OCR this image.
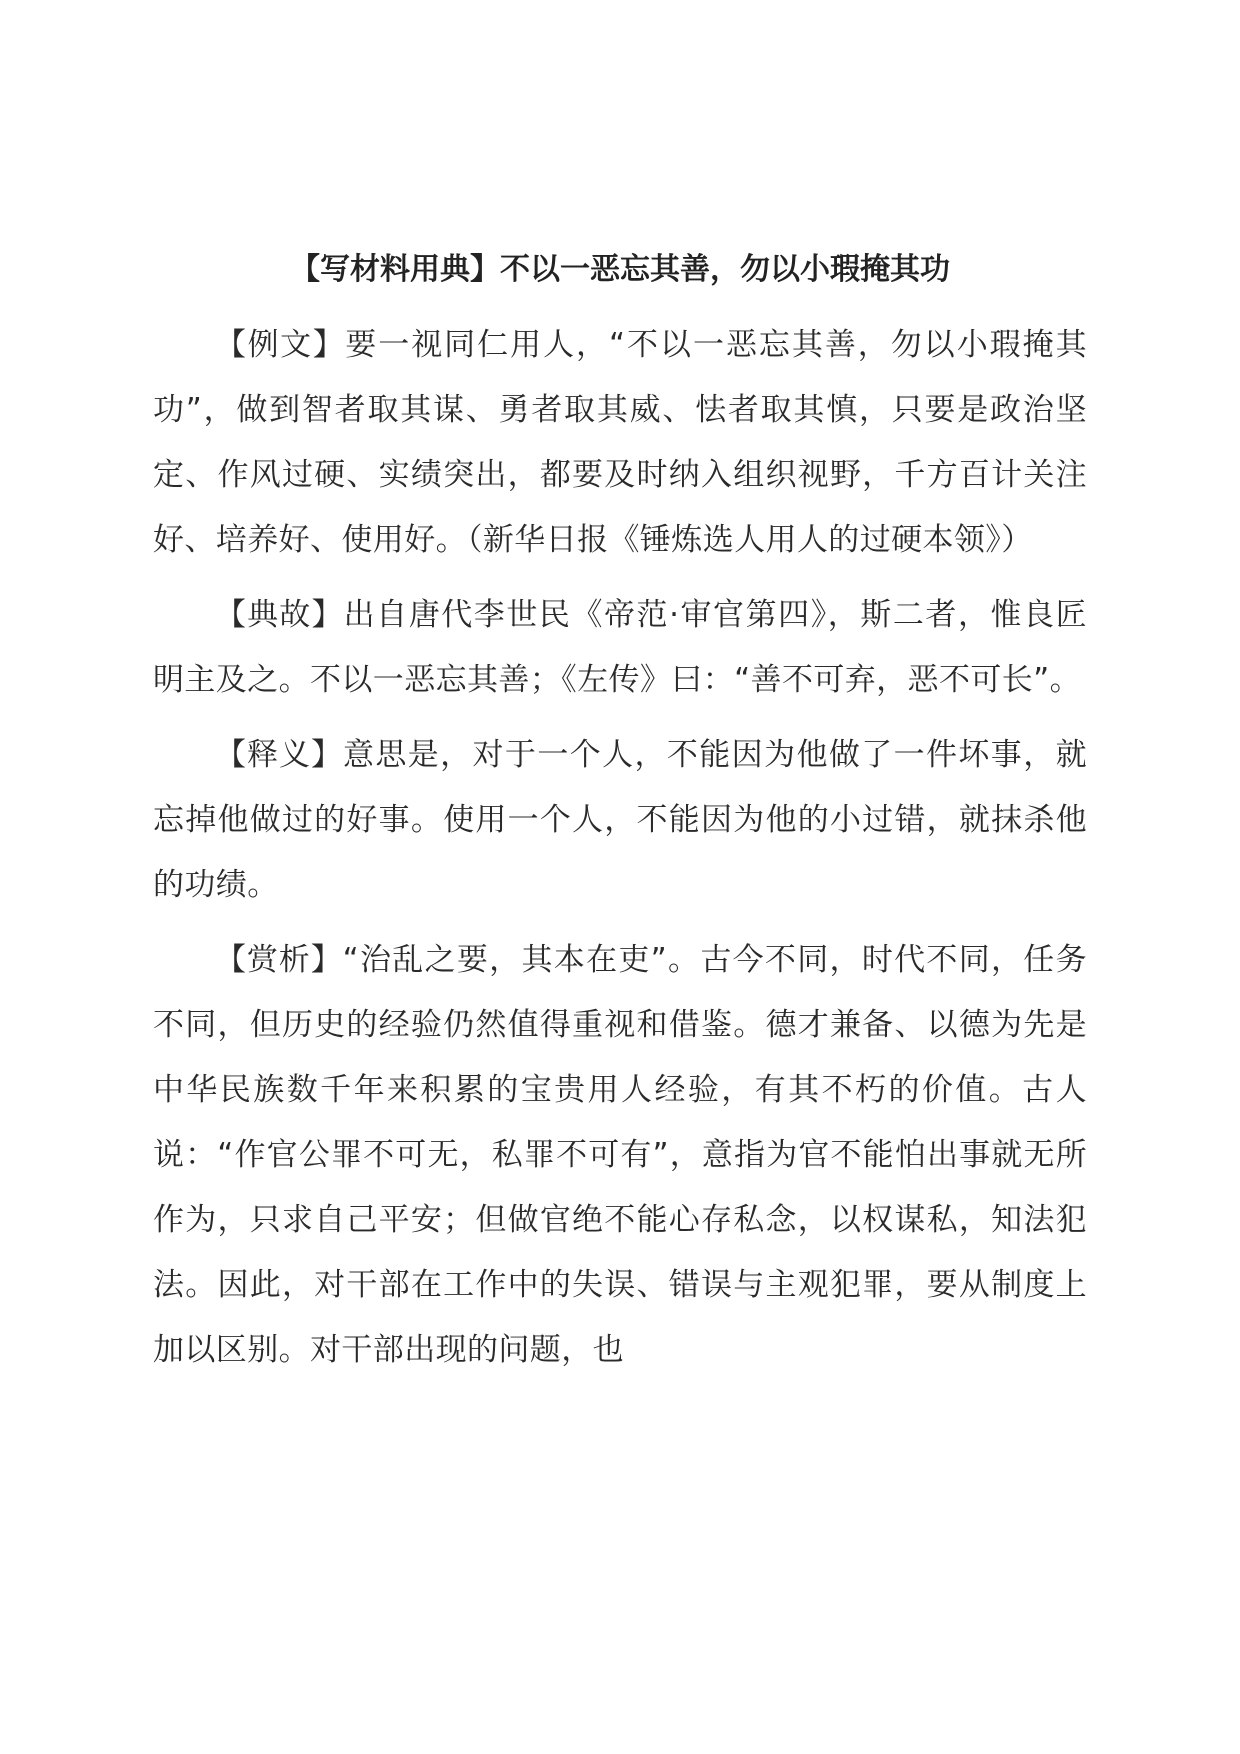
【写材料用典】不以一恶忘其善，勿以小瑕掩其功

【例文】要一视同仁用人，“不以一恶忘其善，勿以小瑕掩其功”，做到智者取其谋、勇者取其威、怯者取其慎，只要是政治坚定、作风过硬、实绩突出，都要及时纳入组织视野，千方百计关注好、培养好、使用好。（新华日报《锤炼选人用人的过硬本领》）

【典故】出自唐代李世民《帝范·审官第四》，斯二者，惟良匠明主及之。不以一恶忘其善；《左传》曰：“善不可弃，恶不可长”。

【释义】意思是，对于一个人，不能因为他做了一件坏事，就忘掉他做过的好事。使用一个人，不能因为他的小过错，就抹杀他的功绩。

【赏析】“治乱之要，其本在吏”。古今不同，时代不同，任务不同，但历史的经验仍然值得重视和借鉴。德才兼备、以德为先是中华民族数千年来积累的宝贵用人经验，有其不朽的价值。古人说：“作官公罪不可无，私罪不可有”，意指为官不能怕出事就无所作为，只求自己平安；但做官绝不能心存私念，以权谋私，知法犯法。因此，对干部在工作中的失误、错误与主观犯罪，要从制度上加以区别。对干部出现的问题，也
